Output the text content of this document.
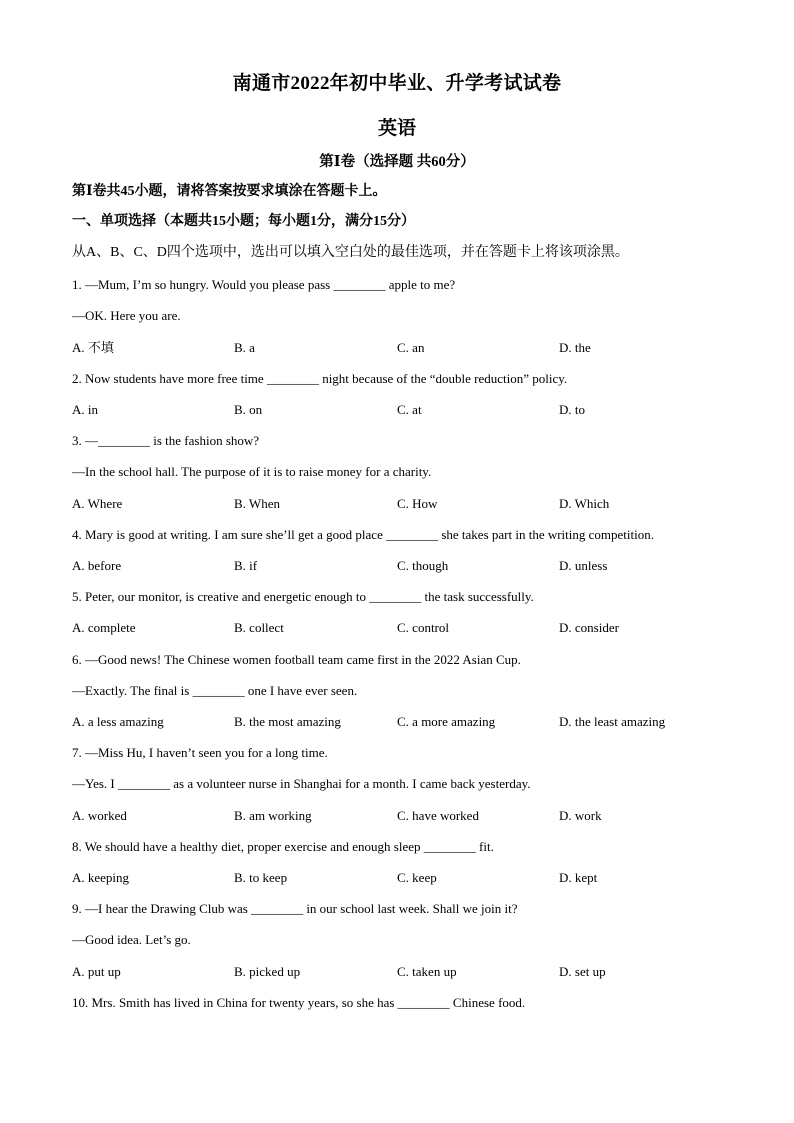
南通市2022年初中毕业、升学考试试卷
英语
第Ⅰ卷（选择题 共60分）
第Ⅰ卷共45小题，请将答案按要求填涂在答题卡上。
一、单项选择（本题共15小题；每小题1分，满分15分）
从A、B、C、D四个选项中，选出可以填入空白处的最佳选项，并在答题卡上将该项涂黑。
1. —Mum, I’m so hungry. Would you please pass ________ apple to me?
—OK. Here you are.
A. 不填	B. a	C. an	D. the
2. Now students have more free time ________ night because of the “double reduction” policy.
A. in	B. on	C. at	D. to
3. —________ is the fashion show?
—In the school hall. The purpose of it is to raise money for a charity.
A. Where	B. When	C. How	D. Which
4. Mary is good at writing. I am sure she’ll get a good place ________ she takes part in the writing competition.
A. before	B. if	C. though	D. unless
5. Peter, our monitor, is creative and energetic enough to ________ the task successfully.
A. complete	B. collect	C. control	D. consider
6. —Good news! The Chinese women football team came first in the 2022 Asian Cup.
—Exactly. The final is ________ one I have ever seen.
A. a less amazing	B. the most amazing	C. a more amazing	D. the least amazing
7. —Miss Hu, I haven’t seen you for a long time.
—Yes. I ________ as a volunteer nurse in Shanghai for a month. I came back yesterday.
A. worked	B. am working	C. have worked	D. work
8. We should have a healthy diet, proper exercise and enough sleep ________ fit.
A. keeping	B. to keep	C. keep	D. kept
9. —I hear the Drawing Club was ________ in our school last week. Shall we join it?
—Good idea. Let’s go.
A. put up	B. picked up	C. taken up	D. set up
10. Mrs. Smith has lived in China for twenty years, so she has ________ Chinese food.
